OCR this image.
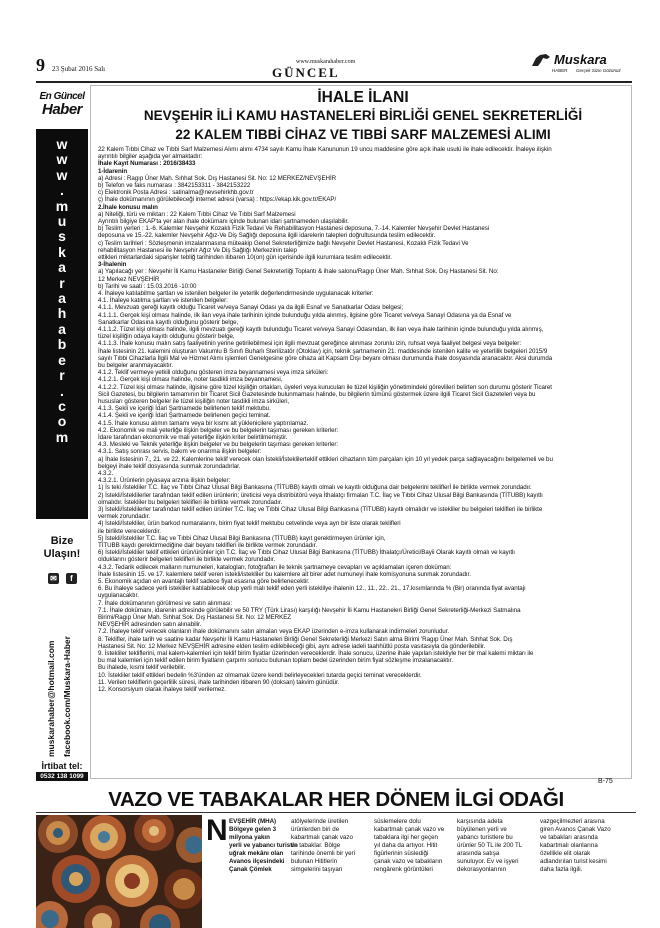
9 23 Şubat 2016 Salı
www.muskarahaber.com
GÜNCEL
Muskara
HABER Gerçek Sizin Gözünüz
En Güncel
Haber
w
w
w
.
m
u
s
k
a
r
a
h
a
b
e
r
.
c
o
m
Bize
Ulaşın!
✉	f
muskarahaber@hotmail.com facebook.com/Muskara-Haber
İrtibat tel:
0532 138 1099
İHALE İLANI
NEVŞEHİR İLİ KAMU HASTANELERİ BİRLİĞİ GENEL SEKRETERLİĞİ
22 KALEM TIBBİ CİHAZ VE TIBBİ SARF MALZEMESİ ALIMI
22 Kalem Tıbbi Cihaz ve Tıbbi Sarf Malzemesi Alımı alımı 4734 sayılı Kamu İhale Kanununun 19 uncu maddesine göre açık ihale usulü ile ihale edilecektir. İhaleye ilişkin
ayrıntılı bilgiler aşağıda yer almaktadır:
İhale Kayıt Numarası : 2016/38433
1-İdarenin
a) Adresi : Ragıp Üner Mah. Sıhhat Sok. Dış Hastanesi Sit. No: 12 MERKEZ/NEVŞEHİR
b) Telefon ve faks numarası : 3842153311 - 3842153222
c) Elektronik Posta Adresi : satinalma@nevsehirkhb.gov.tr
ç) İhale dokümanının görülebileceği internet adresi (varsa) : https://ekap.kik.gov.tr/EKAP/
2.İhale konusu malın
a) Niteliği, türü ve miktarı : 22 Kalem Tıbbi Cihaz Ve Tıbbi Sarf Malzemesi
Ayrıntılı bilgiye EKAP'ta yer alan ihale dokümanı içinde bulunan idari şartnameden ulaşılabilir.
b) Teslim yerleri : 1.-6. Kalemler Nevşehir Kozaklı Fizik Tedavi Ve Rehabilitasyon Hastanesi deposuna, 7.-14. Kalemler Nevşehir Devlet Hastanesi
deposuna ve 15.-22. kalemler Nevşehir Ağız-Ve Diş Sağlığı deposuna ilgili idarelerin talepleri doğrultusunda teslim edilecektir.
c) Teslim tarihleri : Sözleşmenin imzalanmasına müteakip Genel Sekreterliğimize bağlı Nevşehir Devlet Hastanesi, Kozaklı Fizik Tedavi Ve
rehabilitasyon Hastanesi ile Nevşehir Ağız Ve Diş Sağlığı Merkezinin talep
ettikleri miktarlardaki siparişler tebliğ tarihinden itibaren 10(on) gün içerisinde ilgili kurumlara teslim edilecektir.
3-İhalenin
a) Yapılacağı yer : Nevşehir İli Kamu Hastaneler Birliği Genel Sekreterliği Toplantı & ihale salonu/Ragıp Üner Mah. Sıhhat Sok. Dış Hastanesi Sit. No:
12 Merkez NEVŞEHİR
b) Tarihi ve saati : 15.03.2016 -10:00
4. İhaleye katılabilme şartları ve istenilen belgeler ile yeterlik değerlendirmesinde uygulanacak kriterler:
4.1. İhaleye katılma şartları ve istenilen belgeler:
4.1.1. Mevzuatı gereği kayıtlı olduğu Ticaret ve/veya Sanayi Odası ya da ilgili Esnaf ve Sanatkarlar Odası belgesi;
4.1.1.1. Gerçek kişi olması halinde, ilk ilan veya ihale tarihinin içinde bulunduğu yılda alınmış, ilgisine göre Ticaret ve/veya Sanayi Odasına ya da Esnaf ve
Sanatkarlar Odasına kayıtlı olduğunu gösterir belge,
4.1.1.2. Tüzel kişi olması halinde, ilgili mevzuatı gereği kayıtlı bulunduğu Ticaret ve/veya Sanayi Odasından, ilk ilan veya ihale tarihinin içinde bulunduğu yılda alınmış,
tüzel kişiliğin odaya kayıtlı olduğunu gösterir belge,
4.1.1.3. İhale konusu malın satış faaliyetinin yerine getirilebilmesi için ilgili mevzuat gereğince alınması zorunlu izin, ruhsat veya faaliyet belgesi veya belgeler:
İhale listesinin 21. kalemini oluşturan Vakumlu B Sınıfı Buharlı Sterilizatör (Otoklav) için, teknik şartnamenin 21. maddesinde istenilen kalite ve yeterlilik belgeleri 2015/9
sayılı Tıbbi Cihazlarla İlgili Mal ve Hizmet Alımı işlemleri Genelgesine göre cihaza ait Kapsam Dışı beyanı olması durumunda ihale dosyasında aranacaktır. Aksi durumda
bu belgeler aranmayacaktır.
4.1.2. Teklif vermeye yetkili olduğunu gösteren imza beyannamesi veya imza sirküleri:
4.1.2.1. Gerçek kişi olması halinde, noter tasdikli imza beyannamesi,
4.1.2.2. Tüzel kişi olması halinde, ilgisine göre tüzel kişiliğin ortakları, üyeleri veya kurucuları ile tüzel kişiliğin yönetimindeki görevlileri belirten son durumu gösterir Ticaret
Sicil Gazetesi, bu bilgilerin tamamının bir Ticaret Sicil Gazetesinde bulunmaması halinde, bu bilgilerin tümünü göstermek üzere ilgili Ticaret Sicil Gazeteleri veya bu
hususları gösteren belgeler ile tüzel kişiliğin noter tasdikli imza sirküleri,
4.1.3. Şekli ve içeriği İdari Şartnamede belirlenen teklif mektubu.
4.1.4. Şekli ve içeriği İdari Şartnamede belirlenen geçici teminat.
4.1.5. İhale konusu alımın tamamı veya bir kısmı alt yüklenicilere yaptırılamaz.
4.2. Ekonomik ve mali yeterliğe ilişkin belgeler ve bu belgelerin taşıması gereken kriterler:
İdare tarafından ekonomik ve mali yeterliğe ilişkin kriter belirtilmemiştir.
4.3. Mesleki ve Teknik yeterliğe ilişkin belgeler ve bu belgelerin taşıması gereken kriterler:
4.3.1. Satış sonrası servis, bakım ve onarıma ilişkin belgeler:
a) İhale listesinin 7., 21. ve 22. Kalemlerine teklif verecek olan İstekli/İsteklilerteklif ettikleri cihazların tüm parçaları için 10 yıl yedek parça sağlayacağını belgelemeli ve bu
belgeyi ihale teklif dosyasında sunmak zorundadırlar.
4.3.2.
4.3.2.1. Ürünlerin piyasaya arzına ilişkin belgeler:
1) İs teki /İstekliler T.C. İlaç ve Tıbbi Cihaz Ulusal Bilgi Bankasına (TİTUBB) kayıtlı olmalı ve kayıtlı olduğuna dair belgelerini tekliflerİ ile birlikte vermek zorundadır.
2) İstekli/İsteklilerler tarafından teklif edilen ürünlerin; üreticisi veya distribütörü veya İthalatçı firmaları T.C. İlaç ve Tıbbi Cihaz Ulusal Bilgi Bankasında (TİTUBB) kayıtlı
olmalıdır. İstekliler bu belgeleri teklifleri ile birlikte vermek zorundadır.
3) İstekli/İsteklilerler tarafından teklif edilen ürünler T.C. İlaç ve Tıbbi Cihaz Ulusal Bilgi Bankasına (TİTUBB) kayıtlı olmalıdır ve istekliler bu belgeleri teklifleri ile birlikte
vermek zorundadır.
4) İstekli/İstekliler, ürün barkod numaralarını, birim fiyat teklif mektubu cetvelinde veya ayrı bir liste olarak teklifleri
ile birlikte vereceklerdir.
5) İstekli/İstekliler T.C. İlaç ve Tıbbi Cihaz Ulusal Bilgi Bankasına (TİTUBB) kayıt gerektirmeyen ürünler için,
TİTUBB kaydı gerektirmediğine dair beyanı teklifleri ile birlikte vermek zorundadır.
6) İstekli/İstekliler teklif ettikleri ürün/ürünler için T.C. İlaç ve Tıbbi Cihaz Ulusal Bilgi Bankasına (TİTUBB) İthalatçı/Üretici/Bayii Olarak kayıtlı olmalı ve kayıtlı
olduklarını gösterir belgeleri teklifleri ile birlikte vermek zorundadır.
4.3.2. Tedarik edilecek malların numuneleri, katalogları, fotoğrafları ile teknik şartnameye cevapları ve açıklamaları içeren doküman:
İhale listesinin 15. ve 17. kalemlere teklif veren istekli/istekliler bu kalemlere ait birer adet numuneyi ihale komisyonuna sunmak zorundadır.
5. Ekonomik açıdan en avantajlı teklif sadece fiyat esasına göre belirlenecektir.
6. Bu ihaleye sadece yerli istekliler katılabilecek olup yerli malı teklif eden yerli isteklilye ihalenin 12., 11., 22.. 21., 17.kısımlarında % (Bir) oranında fiyat avantajı
uygulanacaktır.
7. İhale dokümanının görülmesi ve satın alınması:
7.1. İhale dokümanı, idarenin adresinde görülebilir ve 50 TRY (Türk Lirası) karşılığı Nevşehir İli Kamu Hastaneleri Birliği Genel Sekreterliği-Merkezi Satmalına
Birimi/Ragıp Üner Mah. Sıhhat Sok. Dış Hastanesi Sit. No: 12 MERKEZ
NEVŞEHİR adresinden satın alınabilir.
7.2. İhaleye teklif verecek olanların ihale dokümanını satın almaları veya EKAP üzerinden e-imza kullanarak indirmeleri zorunludur.
8. Teklifler, ihale tarih ve saatine kadar Nevşehir İli Kamu Hastaneleri Birliği Genel Sekreterliği Merkezi Satın alma Birimi 'Ragıp Üner Mah. Sıhhat Sok. Dış
Hastanesi Sit. No: 12 Merkez NEVŞEHİR adresine elden teslim edilebileceği gibi, aynı adrese iadeli taahhütlü posta vasıtasıyla da gönderilebilir.
9. İstekliler tekliflerini, mal kalem-kalemleri için teklif birim fiyatlar üzerinden vereceklerdir. İhale sonucu, üzerine ihale yapılan istekliyle her bir mal kalemi miktarı ile
bu mal kalemleri için teklif edilen birim fiyatların çarpımı sonucu bulunan toplam bedel üzerinden birim fiyat sözleşme imzalanacaktır.
Bu ihalede, kısmi teklif verilebilir.
10. İstekliler teklif ettikleri bedelin %3'ünden az olmamak üzere kendi belirleyecekleri tutarda geçici teminat vereceklerdir.
11. Verilen tekliflerin geçerlilik süresi, ihale tarihinden itibaren 90 (doksan) takvim günüdür.
12. Konsorsiyum olarak ihaleye teklif verilemez.
B-75
VAZO VE TABAKALAR HER DÖNEM İLGİ ODAĞI
N EVŞEHİR (MHA)
Bölgeye gelen 3
milyona yakın
yerli ve yabancı turistin
uğrak mekânı olan
Avanos ilçesindeki
Çanak Çömlek
atölyelerinde üretilen
ürünlerden biri de
kabartmalı çanak vazo
ve tabaklar. Bölge
tarihinde önemli bir yeri
bulunan Hititlerin
simgelerini taşıyan
süslemelere dolu
kabartmalı çanak vazo ve
tabaklara ilgi her geçen
yıl daha da artıyor. Hitit
figürlerinin süslediği
çanak vazo ve tabakların
rengârenk görüntüleri
karşısında adeta
büyülenen yerli ve
yabancı turistlere bu
ürünler 50 TL ile 200 TL
arasında satışa
sunuluyor. Ev ve işyeri
dekorasyonlarının
vazgeçilmezleri arasına
giren Avanos Çanak Vazo
ve tabakları arasında
kabartmalı olanlarına
özellikle elit olarak
adlandırılan turist kesimi
daha fazla ilgili.
